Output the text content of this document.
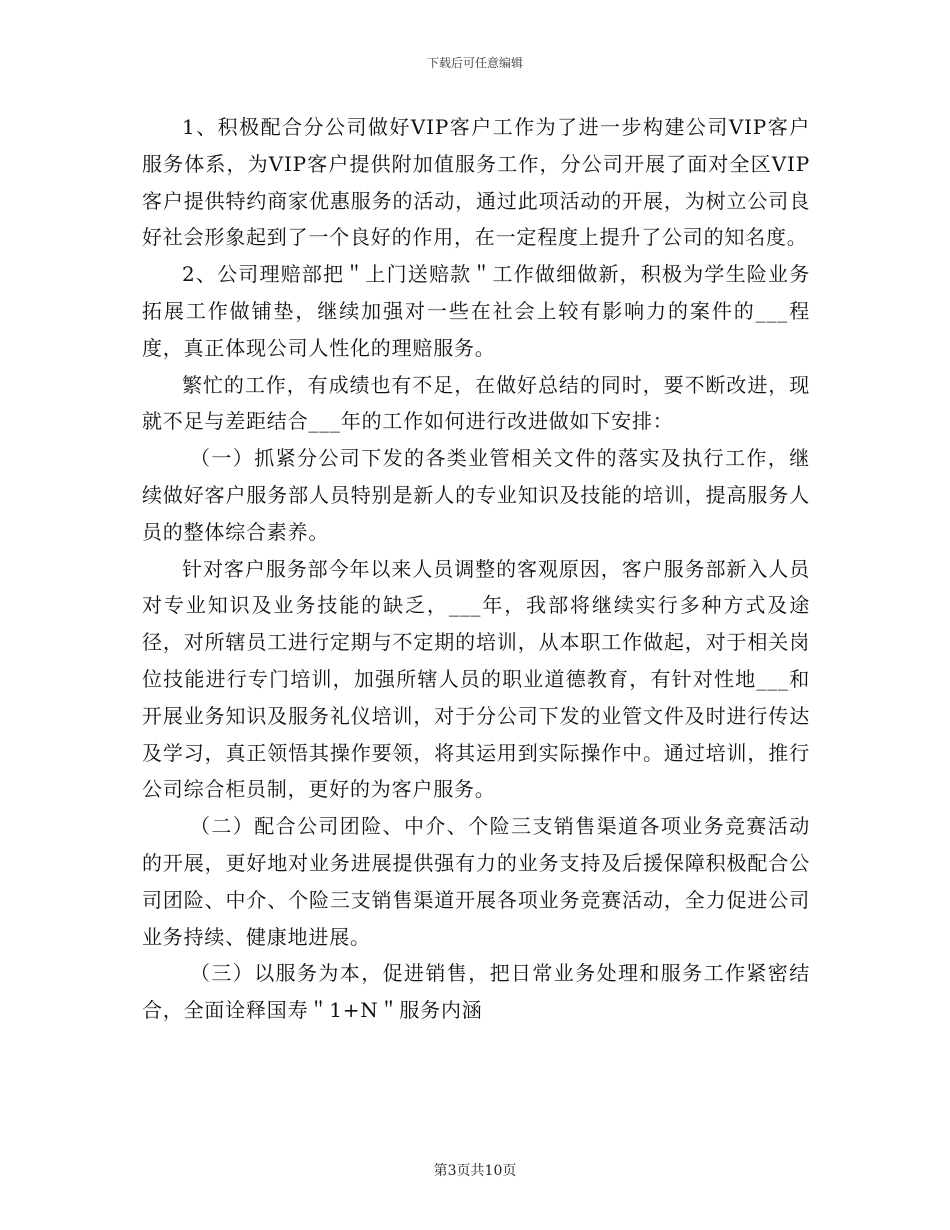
下载后可任意编辑

1、积极配合分公司做好VIP客户工作为了进一步构建公司VIP客户服务体系，为VIP客户提供附加值服务工作，分公司开展了面对全区VIP客户提供特约商家优惠服务的活动，通过此项活动的开展，为树立公司良好社会形象起到了一个良好的作用，在一定程度上提升了公司的知名度。

2、公司理赔部把＂上门送赔款＂工作做细做新，积极为学生险业务拓展工作做铺垫，继续加强对一些在社会上较有影响力的案件的___程度，真正体现公司人性化的理赔服务。

繁忙的工作，有成绩也有不足，在做好总结的同时，要不断改进，现就不足与差距结合___年的工作如何进行改进做如下安排：

（一）抓紧分公司下发的各类业管相关文件的落实及执行工作，继续做好客户服务部人员特别是新人的专业知识及技能的培训，提高服务人员的整体综合素养。

针对客户服务部今年以来人员调整的客观原因，客户服务部新入人员对专业知识及业务技能的缺乏，___年，我部将继续实行多种方式及途径，对所辖员工进行定期与不定期的培训，从本职工作做起，对于相关岗位技能进行专门培训，加强所辖人员的职业道德教育，有针对性地___和开展业务知识及服务礼仪培训，对于分公司下发的业管文件及时进行传达及学习，真正领悟其操作要领，将其运用到实际操作中。通过培训，推行公司综合柜员制，更好的为客户服务。

（二）配合公司团险、中介、个险三支销售渠道各项业务竞赛活动的开展，更好地对业务进展提供强有力的业务支持及后援保障积极配合公司团险、中介、个险三支销售渠道开展各项业务竞赛活动，全力促进公司业务持续、健康地进展。

（三）以服务为本，促进销售，把日常业务处理和服务工作紧密结合，全面诠释国寿＂1+N＂服务内涵

第3页共10页
